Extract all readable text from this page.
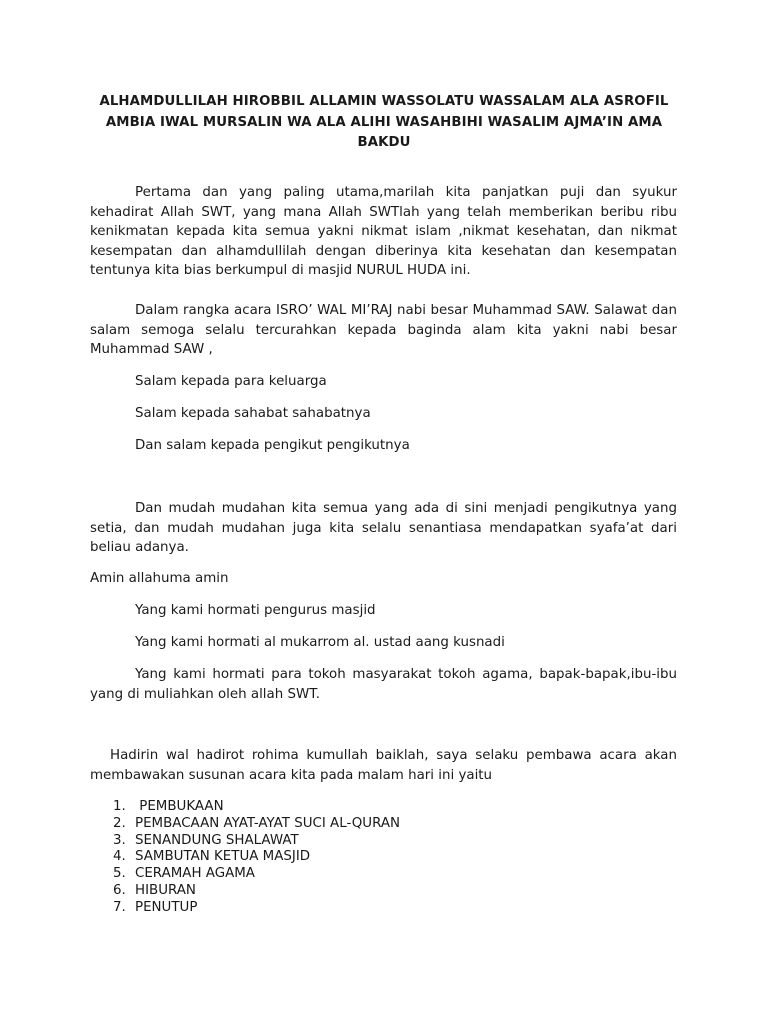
ALHAMDULLILAH HIROBBIL ALLAMIN WASSOLATU WASSALAM ALA ASROFIL AMBIA IWAL MURSALIN WA ALA ALIHI WASAHBIHI WASALIM AJMA’IN AMA BAKDU

Pertama dan yang paling utama,marilah kita panjatkan puji dan syukur kehadirat Allah SWT, yang mana Allah SWTlah yang telah memberikan beribu ribu kenikmatan kepada kita semua yakni nikmat islam ,nikmat kesehatan, dan nikmat kesempatan dan alhamdullilah dengan diberinya kita kesehatan dan kesempatan tentunya kita bias berkumpul di masjid NURUL HUDA ini.

Dalam rangka acara ISRO’ WAL MI’RAJ nabi besar Muhammad SAW. Salawat dan salam semoga selalu tercurahkan kepada baginda alam kita yakni nabi besar Muhammad SAW ,

Salam kepada para keluarga

Salam kepada sahabat sahabatnya

Dan salam kepada pengikut pengikutnya

Dan mudah mudahan kita semua yang ada di sini menjadi pengikutnya yang setia, dan mudah mudahan juga kita selalu senantiasa mendapatkan syafa’at dari beliau adanya.

Amin allahuma amin

Yang kami hormati pengurus masjid

Yang kami hormati al mukarrom al. ustad aang kusnadi

Yang kami hormati para tokoh masyarakat tokoh agama, bapak-bapak,ibu-ibu yang di muliahkan oleh allah SWT.

Hadirin wal hadirot rohima kumullah baiklah, saya selaku pembawa acara akan membawakan susunan acara kita pada malam hari ini yaitu

1. PEMBUKAAN
2. PEMBACAAN AYAT-AYAT SUCI AL-QURAN
3. SENANDUNG SHALAWAT
4. SAMBUTAN KETUA MASJID
5. CERAMAH AGAMA
6. HIBURAN
7. PENUTUP
